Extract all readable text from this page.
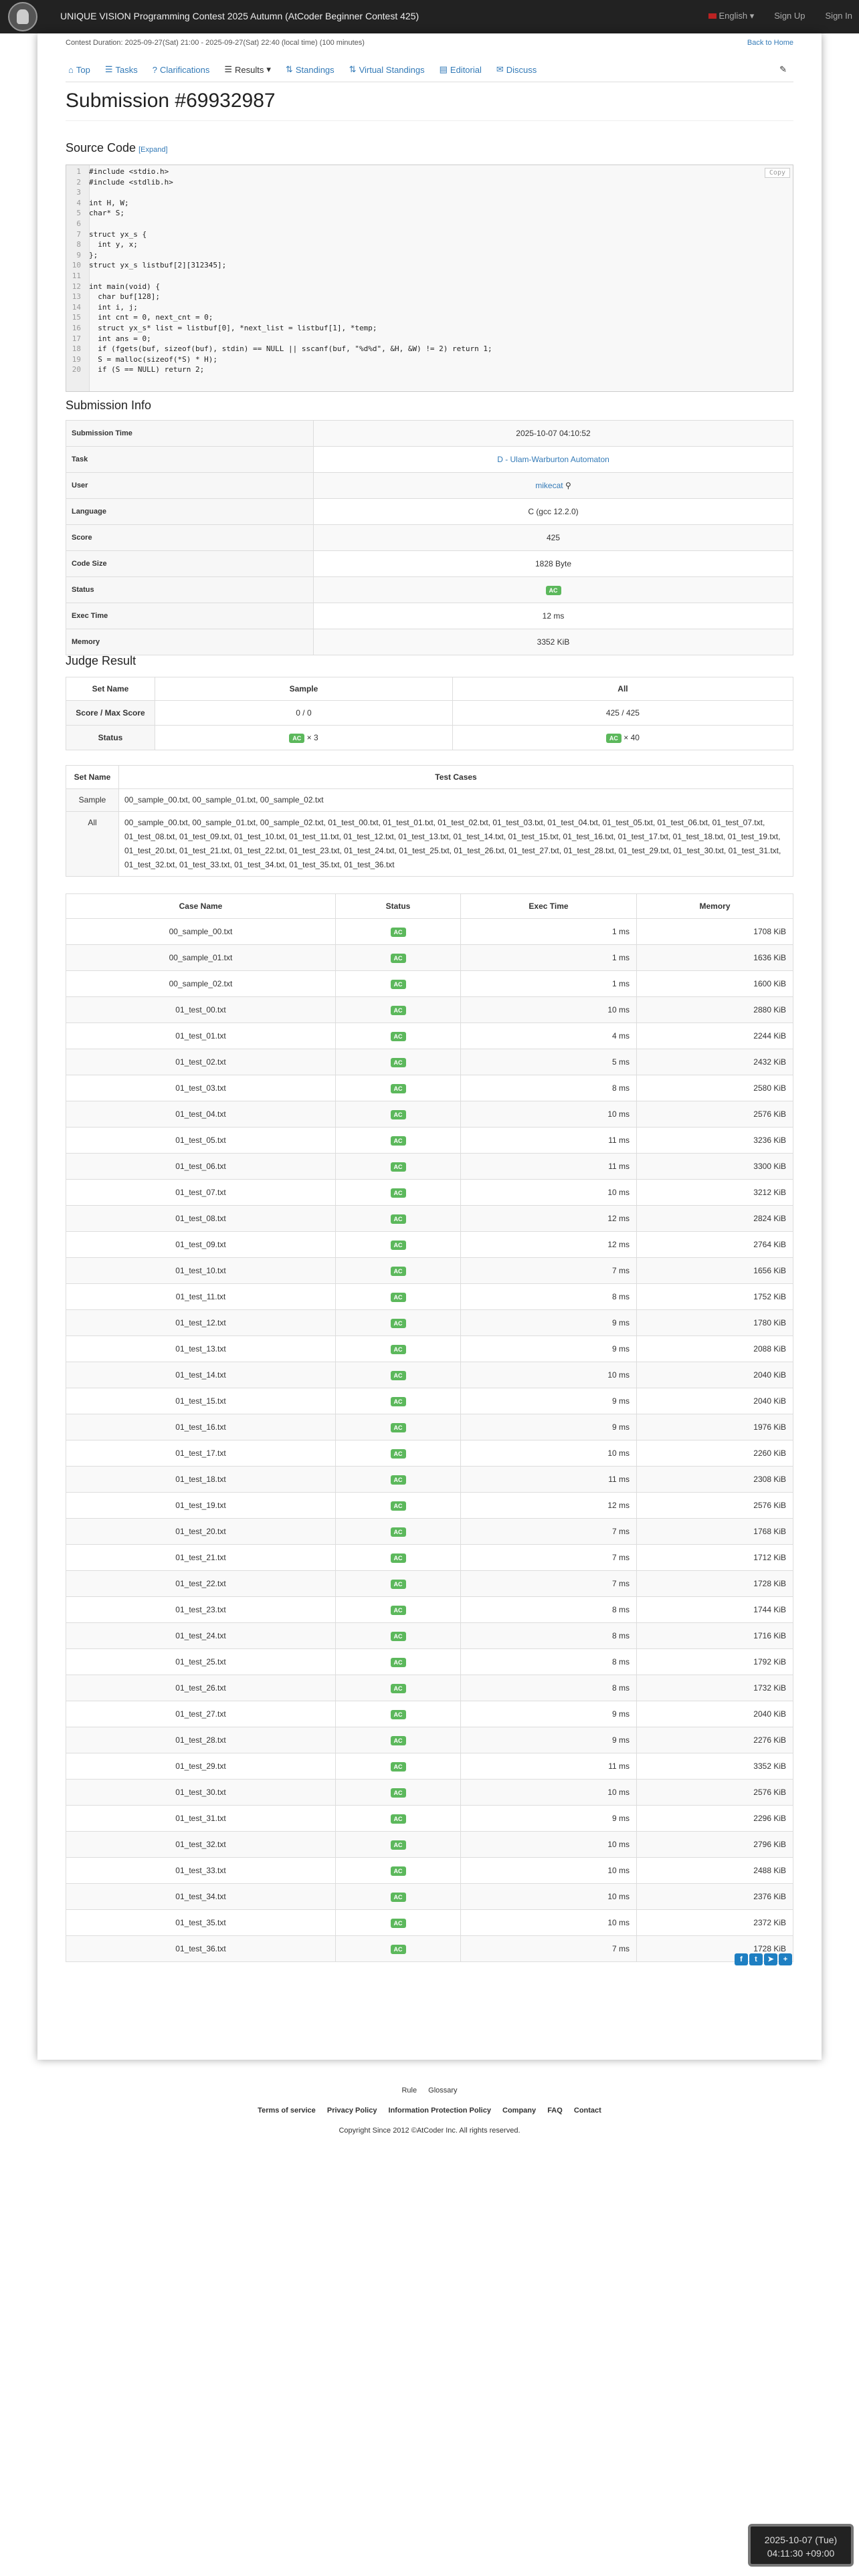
UNIQUE VISION Programming Contest 2025 Autumn (AtCoder Beginner Contest 425)	English ▾ Sign Up Sign In
Contest Duration: 2025-09-27(Sat) 21:00 - 2025-09-27(Sat) 22:40 (local time) (100 minutes)	Back to Home
⌂ Top ☰ Tasks ? Clarifications ☰ Results ▾ ⇅ Standings ⇅ Virtual Standings ▤ Editorial ✉ Discuss	✎
Submission #69932987
Source Code [Expand]
1	#include <stdio.h>
2	#include <stdlib.h>
3
4	int H, W;
5	char* S;
6
7	struct yx_s {
8	int y, x;
9	};
10	struct yx_s listbuf[2][312345];
11
12	int main(void) {
13	char buf[128];
14	int i, j;
15	int cnt = 0, next_cnt = 0;
16	struct yx_s* list = listbuf[0], *next_list = listbuf[1], *temp;
17	int ans = 0;
18	if (fgets(buf, sizeof(buf), stdin) == NULL || sscanf(buf, "%d%d", &H, &W) != 2) return 1;
19	S = malloc(sizeof(*S) * H);
20	if (S == NULL) return 2;
Copy
Submission Info
Submission Time	2025-10-07 04:10:52
Task	D - Ulam-Warburton Automaton
User	mikecat ⚲
Language	C (gcc 12.2.0)
Score	425
Code Size	1828 Byte
Status	AC
Exec Time	12 ms
Memory	3352 KiB
Judge Result
Set Name	Sample	All
Score / Max Score	0 / 0	425 / 425
Status	AC × 3	AC × 40
Set Name	Test Cases
Sample	00_sample_00.txt, 00_sample_01.txt, 00_sample_02.txt
All	00_sample_00.txt, 00_sample_01.txt, 00_sample_02.txt, 01_test_00.txt, 01_test_01.txt, 01_test_02.txt, 01_test_03.txt, 01_test_04.txt, 01_test_05.txt, 01_test_06.txt, 01_test_07.txt, 01_test_08.txt, 01_test_09.txt, 01_test_10.txt, 01_test_11.txt, 01_test_12.txt, 01_test_13.txt, 01_test_14.txt, 01_test_15.txt, 01_test_16.txt, 01_test_17.txt, 01_test_18.txt, 01_test_19.txt, 01_test_20.txt, 01_test_21.txt, 01_test_22.txt, 01_test_23.txt, 01_test_24.txt, 01_test_25.txt, 01_test_26.txt, 01_test_27.txt, 01_test_28.txt, 01_test_29.txt, 01_test_30.txt, 01_test_31.txt, 01_test_32.txt, 01_test_33.txt, 01_test_34.txt, 01_test_35.txt, 01_test_36.txt
Case Name	Status	Exec Time	Memory
00_sample_00.txt	AC	1 ms	1708 KiB
00_sample_01.txt	AC	1 ms	1636 KiB
00_sample_02.txt	AC	1 ms	1600 KiB
01_test_00.txt	AC	10 ms	2880 KiB
01_test_01.txt	AC	4 ms	2244 KiB
01_test_02.txt	AC	5 ms	2432 KiB
01_test_03.txt	AC	8 ms	2580 KiB
01_test_04.txt	AC	10 ms	2576 KiB
01_test_05.txt	AC	11 ms	3236 KiB
01_test_06.txt	AC	11 ms	3300 KiB
01_test_07.txt	AC	10 ms	3212 KiB
01_test_08.txt	AC	12 ms	2824 KiB
01_test_09.txt	AC	12 ms	2764 KiB
01_test_10.txt	AC	7 ms	1656 KiB
01_test_11.txt	AC	8 ms	1752 KiB
01_test_12.txt	AC	9 ms	1780 KiB
01_test_13.txt	AC	9 ms	2088 KiB
01_test_14.txt	AC	10 ms	2040 KiB
01_test_15.txt	AC	9 ms	2040 KiB
01_test_16.txt	AC	9 ms	1976 KiB
01_test_17.txt	AC	10 ms	2260 KiB
01_test_18.txt	AC	11 ms	2308 KiB
01_test_19.txt	AC	12 ms	2576 KiB
01_test_20.txt	AC	7 ms	1768 KiB
01_test_21.txt	AC	7 ms	1712 KiB
01_test_22.txt	AC	7 ms	1728 KiB
01_test_23.txt	AC	8 ms	1744 KiB
01_test_24.txt	AC	8 ms	1716 KiB
01_test_25.txt	AC	8 ms	1792 KiB
01_test_26.txt	AC	8 ms	1732 KiB
01_test_27.txt	AC	9 ms	2040 KiB
01_test_28.txt	AC	9 ms	2276 KiB
01_test_29.txt	AC	11 ms	3352 KiB
01_test_30.txt	AC	10 ms	2576 KiB
01_test_31.txt	AC	9 ms	2296 KiB
01_test_32.txt	AC	10 ms	2796 KiB
01_test_33.txt	AC	10 ms	2488 KiB
01_test_34.txt	AC	10 ms	2376 KiB
01_test_35.txt	AC	10 ms	2372 KiB
01_test_36.txt	AC	7 ms	1728 KiB
f	t	➤	+
Rule Glossary
Terms of service Privacy Policy Information Protection Policy Company FAQ Contact
Copyright Since 2012 ©AtCoder Inc. All rights reserved.
2025-10-07 (Tue)
04:11:30 +09:00
